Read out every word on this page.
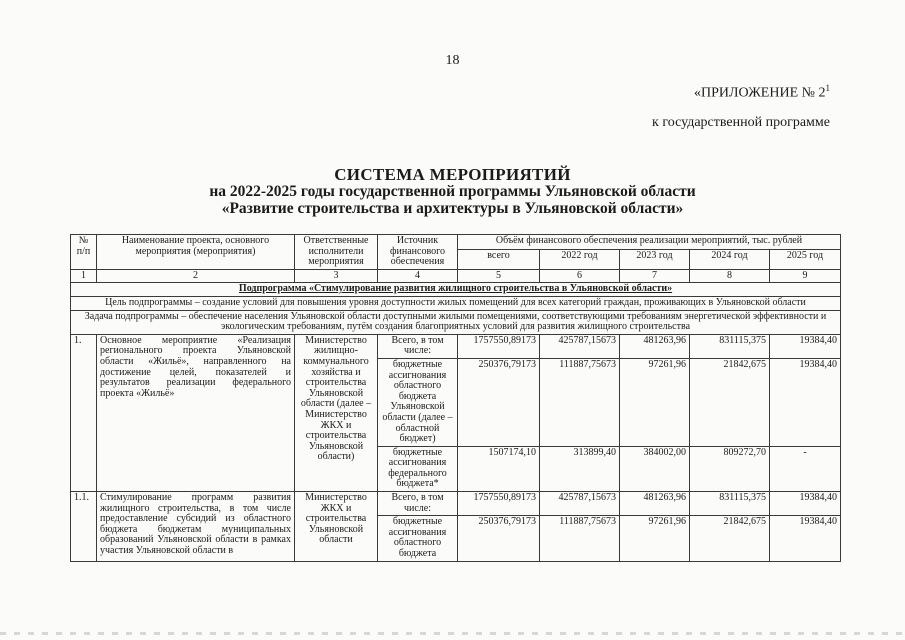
18
«ПРИЛОЖЕНИЕ № $2^1$
к государственной программе
СИСТЕМА МЕРОПРИЯТИЙ
на 2022-2025 годы государственной программы Ульяновской области
«Развитие строительства и архитектуры в Ульяновской области»
№ п/п	Наименование проекта, основного мероприятия (мероприятия)	Ответственные исполнители мероприятия	Источник финансового обеспечения	Объём финансового обеспечения реализации мероприятий, тыс. рублей				
				всего	2022 год	2023 год	2024 год	2025 год
1	2	3	4	5	6	7	8	9
Подпрограмма «Стимулирование развития жилищного строительства в Ульяновской области»								
Цель подпрограммы – создание условий для повышения уровня доступности жилых помещений для всех категорий граждан, проживающих в Ульяновской области								
Задача подпрограммы – обеспечение населения Ульяновской области доступными жилыми помещениями, соответствующими требованиям энергетической эффективности и экологическим требованиям, путём создания благоприятных условий для развития жилищного строительства								
1.	Основное мероприятие «Реализация регионального проекта Ульяновской области «Жильё», направленного на достижение целей, показателей и результатов реализации федерального проекта «Жильё»	Министерство жилищно-коммунального хозяйства и строительства Ульяновской области (далее – Министерство ЖКХ и строительства Ульяновской области)	Всего, в том числе:	1757550,89173	425787,15673	481263,96	831115,375	19384,40
			бюджетные ассигнования областного бюджета Ульяновской области (далее – областной бюджет)	250376,79173	111887,75673	97261,96	21842,675	19384,40
			бюджетные ассигнования федерального бюджета*	1507174,10	313899,40	384002,00	809272,70	-
1.1.	Стимулирование программ развития жилищного строительства, в том числе предоставление субсидий из областного бюджета бюджетам муниципальных образований Ульяновской области в рамках участия Ульяновской области в	Министерство ЖКХ и строительства Ульяновской области	Всего, в том числе:	1757550,89173	425787,15673	481263,96	831115,375	19384,40
			бюджетные ассигнования областного бюджета	250376,79173	111887,75673	97261,96	21842,675	19384,40
